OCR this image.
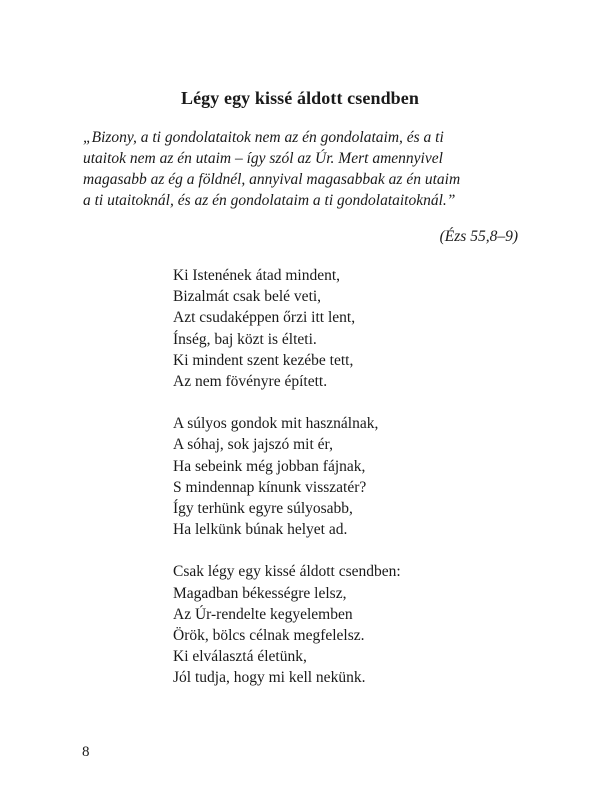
Légy egy kissé áldott csendben
„Bizony, a ti gondolataitok nem az én gondolataim, és a ti
utaitok nem az én utaim – így szól az Úr. Mert amennyivel
magasabb az ég a földnél, annyival magasabbak az én utaim
a ti utaitoknál, és az én gondolataim a ti gondolataitoknál.”
(Ézs 55,8–9)
Ki Istenének átad mindent,
Bizalmát csak belé veti,
Azt csudaképpen őrzi itt lent,
Ínség, baj közt is élteti.
Ki mindent szent kezébe tett,
Az nem fövényre épített.
A súlyos gondok mit használnak,
A sóhaj, sok jajszó mit ér,
Ha sebeink még jobban fájnak,
S mindennap kínunk visszatér?
Így terhünk egyre súlyosabb,
Ha lelkünk búnak helyet ad.
Csak légy egy kissé áldott csendben:
Magadban békességre lelsz,
Az Úr-rendelte kegyelemben
Örök, bölcs célnak megfelelsz.
Ki elválasztá életünk,
Jól tudja, hogy mi kell nekünk.
8
